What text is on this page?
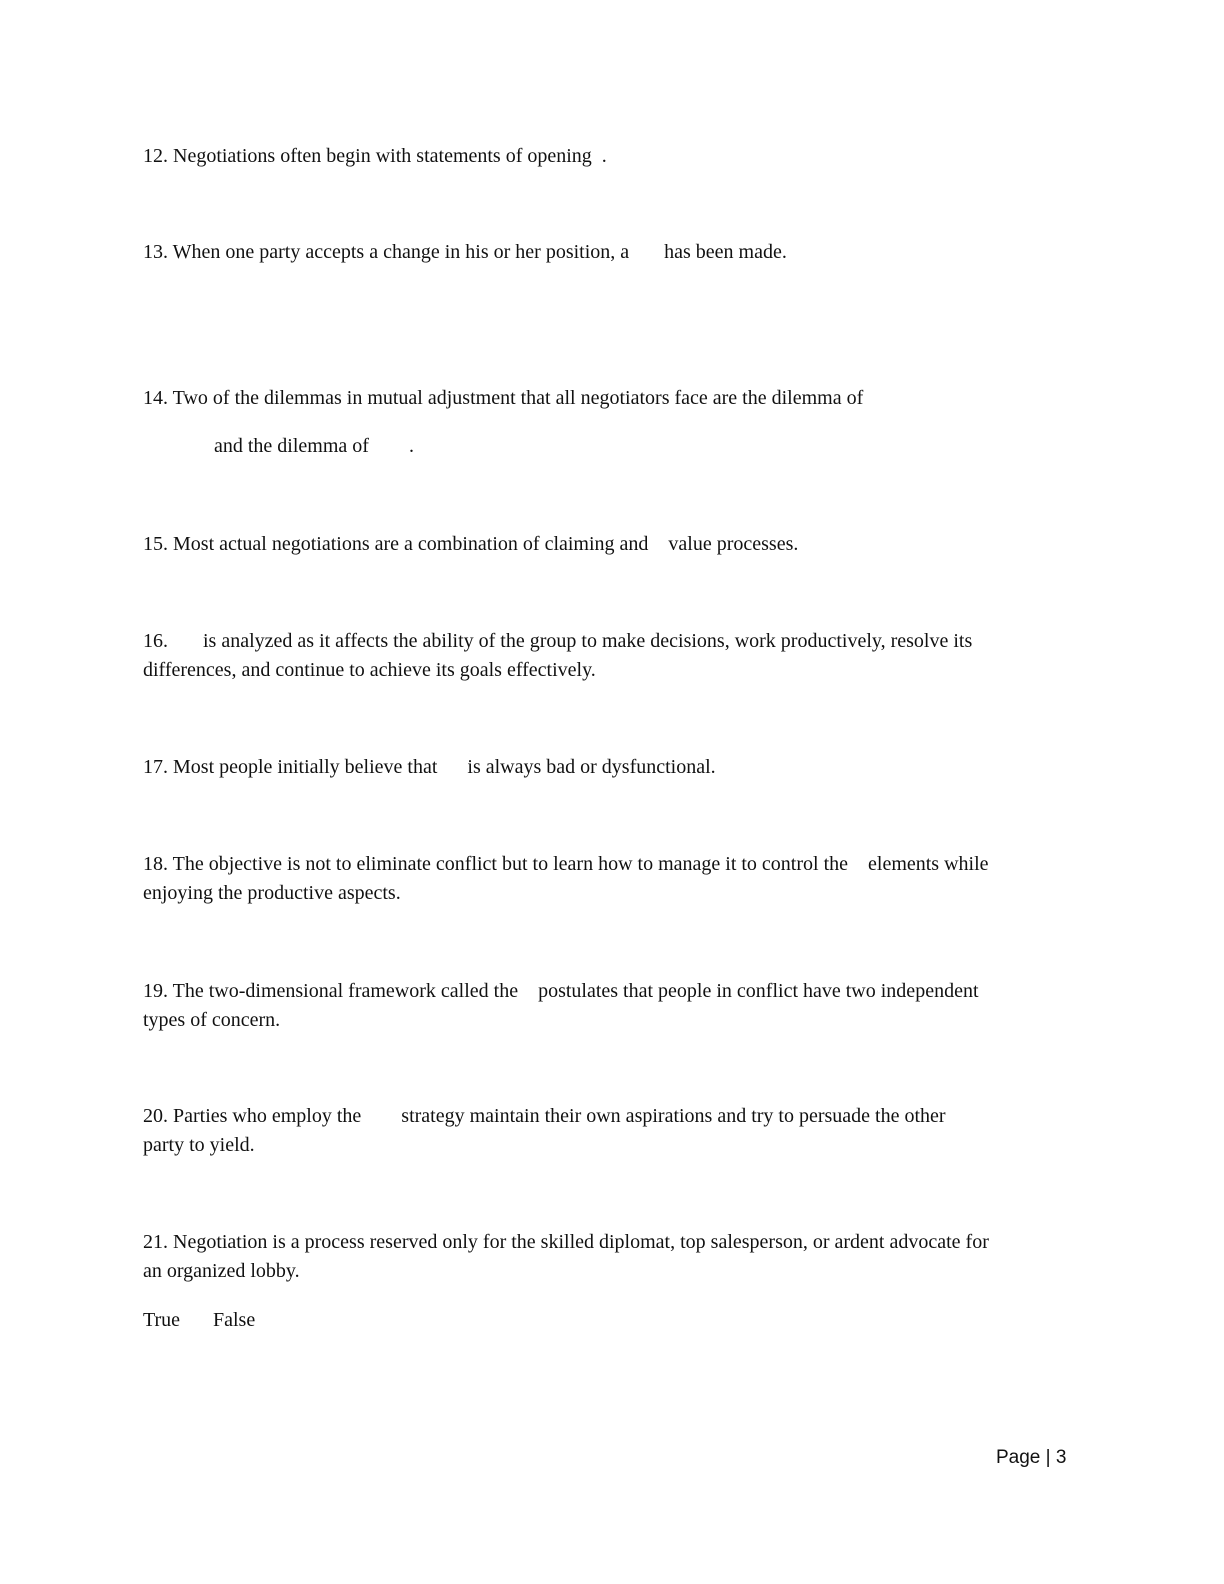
12. Negotiations often begin with statements of opening  .

13. When one party accepts a change in his or her position, a       has been made.

14. Two of the dilemmas in mutual adjustment that all negotiators face are the dilemma of

and the dilemma of        .

15. Most actual negotiations are a combination of claiming and    value processes.

16.       is analyzed as it affects the ability of the group to make decisions, work productively, resolve its

differences, and continue to achieve its goals effectively.

17. Most people initially believe that      is always bad or dysfunctional.

18. The objective is not to eliminate conflict but to learn how to manage it to control the    elements while

enjoying the productive aspects.

19. The two-dimensional framework called the    postulates that people in conflict have two independent

types of concern.

20. Parties who employ the        strategy maintain their own aspirations and try to persuade the other

party to yield.

21. Negotiation is a process reserved only for the skilled diplomat, top salesperson, or ardent advocate for

an organized lobby.

True False
Page | 3
